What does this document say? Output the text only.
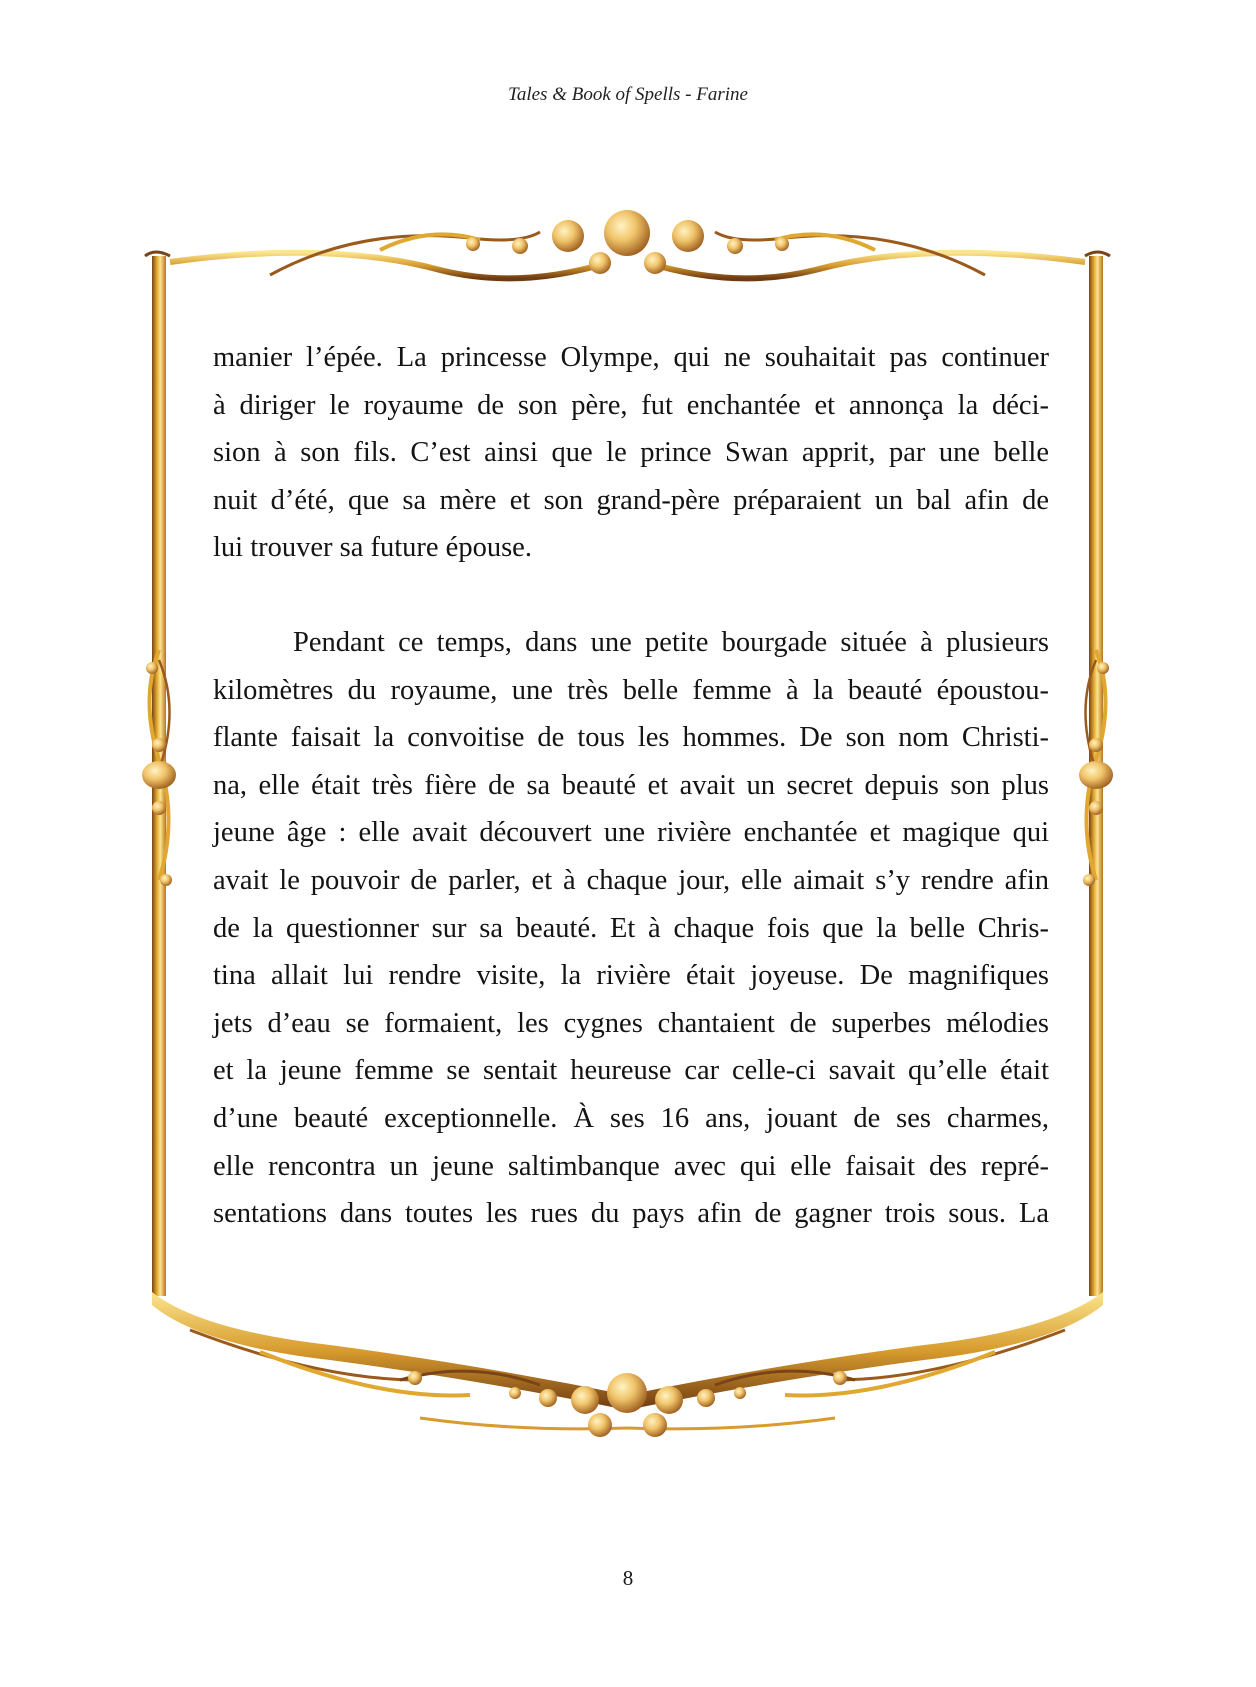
Tales & Book of Spells - Farine

manier l’épée. La princesse Olympe, qui ne souhaitait pas continuer
à diriger le royaume de son père, fut enchantée et annonça la déci-
sion à son fils. C’est ainsi que le prince Swan apprit, par une belle
nuit d’été, que sa mère et son grand-père préparaient un bal afin de
lui trouver sa future épouse.

Pendant ce temps, dans une petite bourgade située à plusieurs
kilomètres du royaume, une très belle femme à la beauté époustou-
flante faisait la convoitise de tous les hommes. De son nom Christi-
na, elle était très fière de sa beauté et avait un secret depuis son plus
jeune âge : elle avait découvert une rivière enchantée et magique qui
avait le pouvoir de parler, et à chaque jour, elle aimait s’y rendre afin
de la questionner sur sa beauté. Et à chaque fois que la belle Chris-
tina allait lui rendre visite, la rivière était joyeuse. De magnifiques
jets d’eau se formaient, les cygnes chantaient de superbes mélodies
et la jeune femme se sentait heureuse car celle-ci savait qu’elle était
d’une beauté exceptionnelle. À ses 16 ans, jouant de ses charmes,
elle rencontra un jeune saltimbanque avec qui elle faisait des repré-
sentations dans toutes les rues du pays afin de gagner trois sous. La

8
